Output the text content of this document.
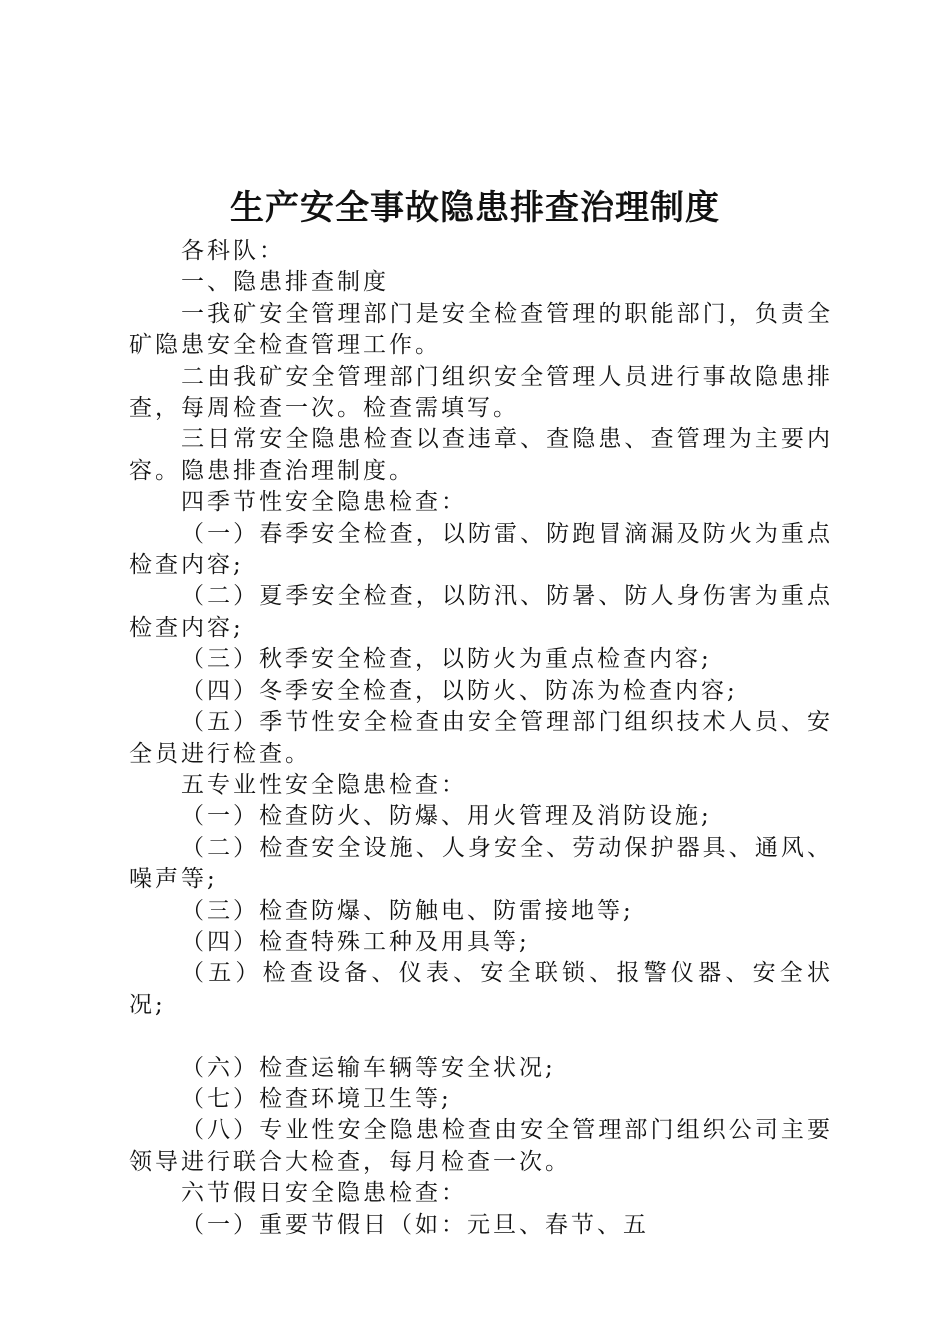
生产安全事故隐患排查治理制度

各科队：

一、隐患排查制度

一我矿安全管理部门是安全检查管理的职能部门，负责全矿隐患安全检查管理工作。

二由我矿安全管理部门组织安全管理人员进行事故隐患排查，每周检查一次。检查需填写。

三日常安全隐患检查以查违章、查隐患、查管理为主要内容。隐患排查治理制度。

四季节性安全隐患检查：

（一）春季安全检查，以防雷、防跑冒滴漏及防火为重点检查内容;

（二）夏季安全检查，以防汛、防暑、防人身伤害为重点检查内容;

（三）秋季安全检查，以防火为重点检查内容;

（四）冬季安全检查，以防火、防冻为检查内容;

（五）季节性安全检查由安全管理部门组织技术人员、安全员进行检查。

五专业性安全隐患检查：

（一）检查防火、防爆、用火管理及消防设施;

（二）检查安全设施、人身安全、劳动保护器具、通风、噪声等;

（三）检查防爆、防触电、防雷接地等;

（四）检查特殊工种及用具等;

（五）检查设备、仪表、安全联锁、报警仪器、安全状况;

（六）检查运输车辆等安全状况;

（七）检查环境卫生等;

（八）专业性安全隐患检查由安全管理部门组织公司主要领导进行联合大检查，每月检查一次。

六节假日安全隐患检查：

（一）重要节假日（如：元旦、春节、五
